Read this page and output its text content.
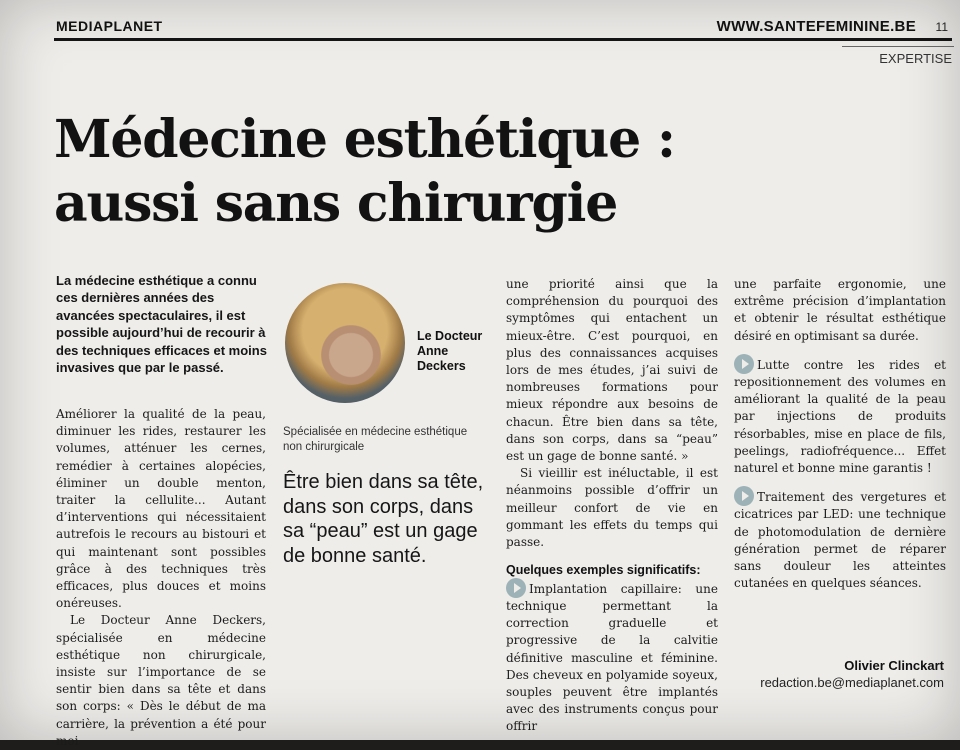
MEDIAPLANET	WWW.SANTEFEMININE.BE 11
EXPERTISE
Médecine esthétique :
aussi sans chirurgie

La médecine esthétique a connu ces dernières années des avancées spectaculaires, il est possible aujourd’hui de recourir à des techniques efficaces et moins invasives que par le passé.

Améliorer la qualité de la peau, diminuer les rides, restaurer les volumes, atténuer les cernes, remédier à certaines alopécies, éliminer un double menton, traiter la cellulite... Autant d’interventions qui nécessitaient autrefois le recours au bistouri et qui maintenant sont possibles grâce à des techniques très efficaces, plus douces et moins onéreuses.

Le Docteur Anne Deckers, spécialisée en médecine esthétique non chirurgicale, insiste sur l’importance de se sentir bien dans sa tête et dans son corps: « Dès le début de ma carrière, la prévention a été pour moi

Le Docteur Anne Deckers
Spécialisée en médecine esthétique non chirurgicale
Être bien dans sa tête, dans son corps, dans sa “peau” est un gage de bonne santé.

une priorité ainsi que la compréhension du pourquoi des symptômes qui entachent un mieux-être. C’est pourquoi, en plus des connaissances acquises lors de mes études, j’ai suivi de nombreuses formations pour mieux répondre aux besoins de chacun. Être bien dans sa tête, dans son corps, dans sa “peau” est un gage de bonne santé. »

Si vieillir est inéluctable, il est néanmoins possible d’offrir un meilleur confort de vie en gommant les effets du temps qui passe.

Quelques exemples significatifs:

Implantation capillaire: une technique permettant la correction graduelle et progressive de la calvitie définitive masculine et féminine. Des cheveux en polyamide soyeux, souples peuvent être implantés avec des instruments conçus pour offrir

une parfaite ergonomie, une extrême précision d’implantation et obtenir le résultat esthétique désiré en optimisant sa durée.

Lutte contre les rides et repositionnement des volumes en améliorant la qualité de la peau par injections de produits résorbables, mise en place de fils, peelings, radiofréquence... Effet naturel et bonne mine garantis !

Traitement des vergetures et cicatrices par LED: une technique de photomodulation de dernière génération permet de réparer sans douleur les atteintes cutanées en quelques séances.

Olivier Clinckart
redaction.be@mediaplanet.com
